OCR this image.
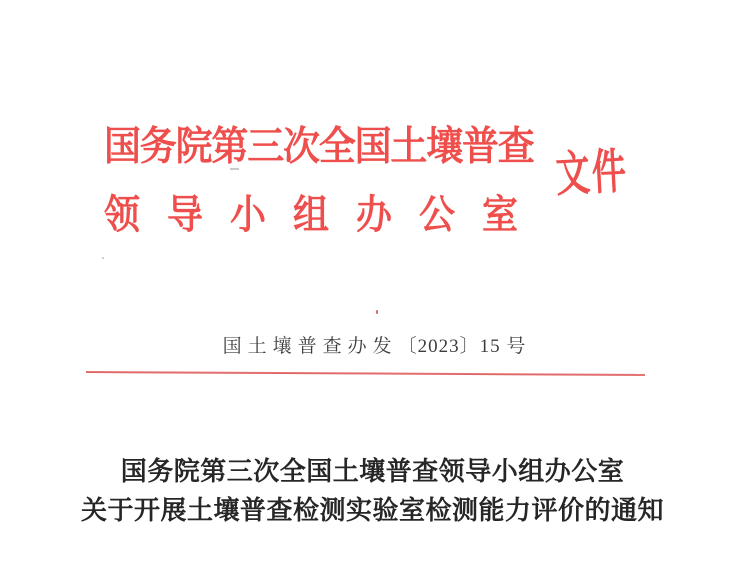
国务院第三次全国土壤普查
领导小组办公室
文件
国土壤普查办发〔2023〕15 号
国务院第三次全国土壤普查领导小组办公室
关于开展土壤普查检测实验室检测能力评价的通知
